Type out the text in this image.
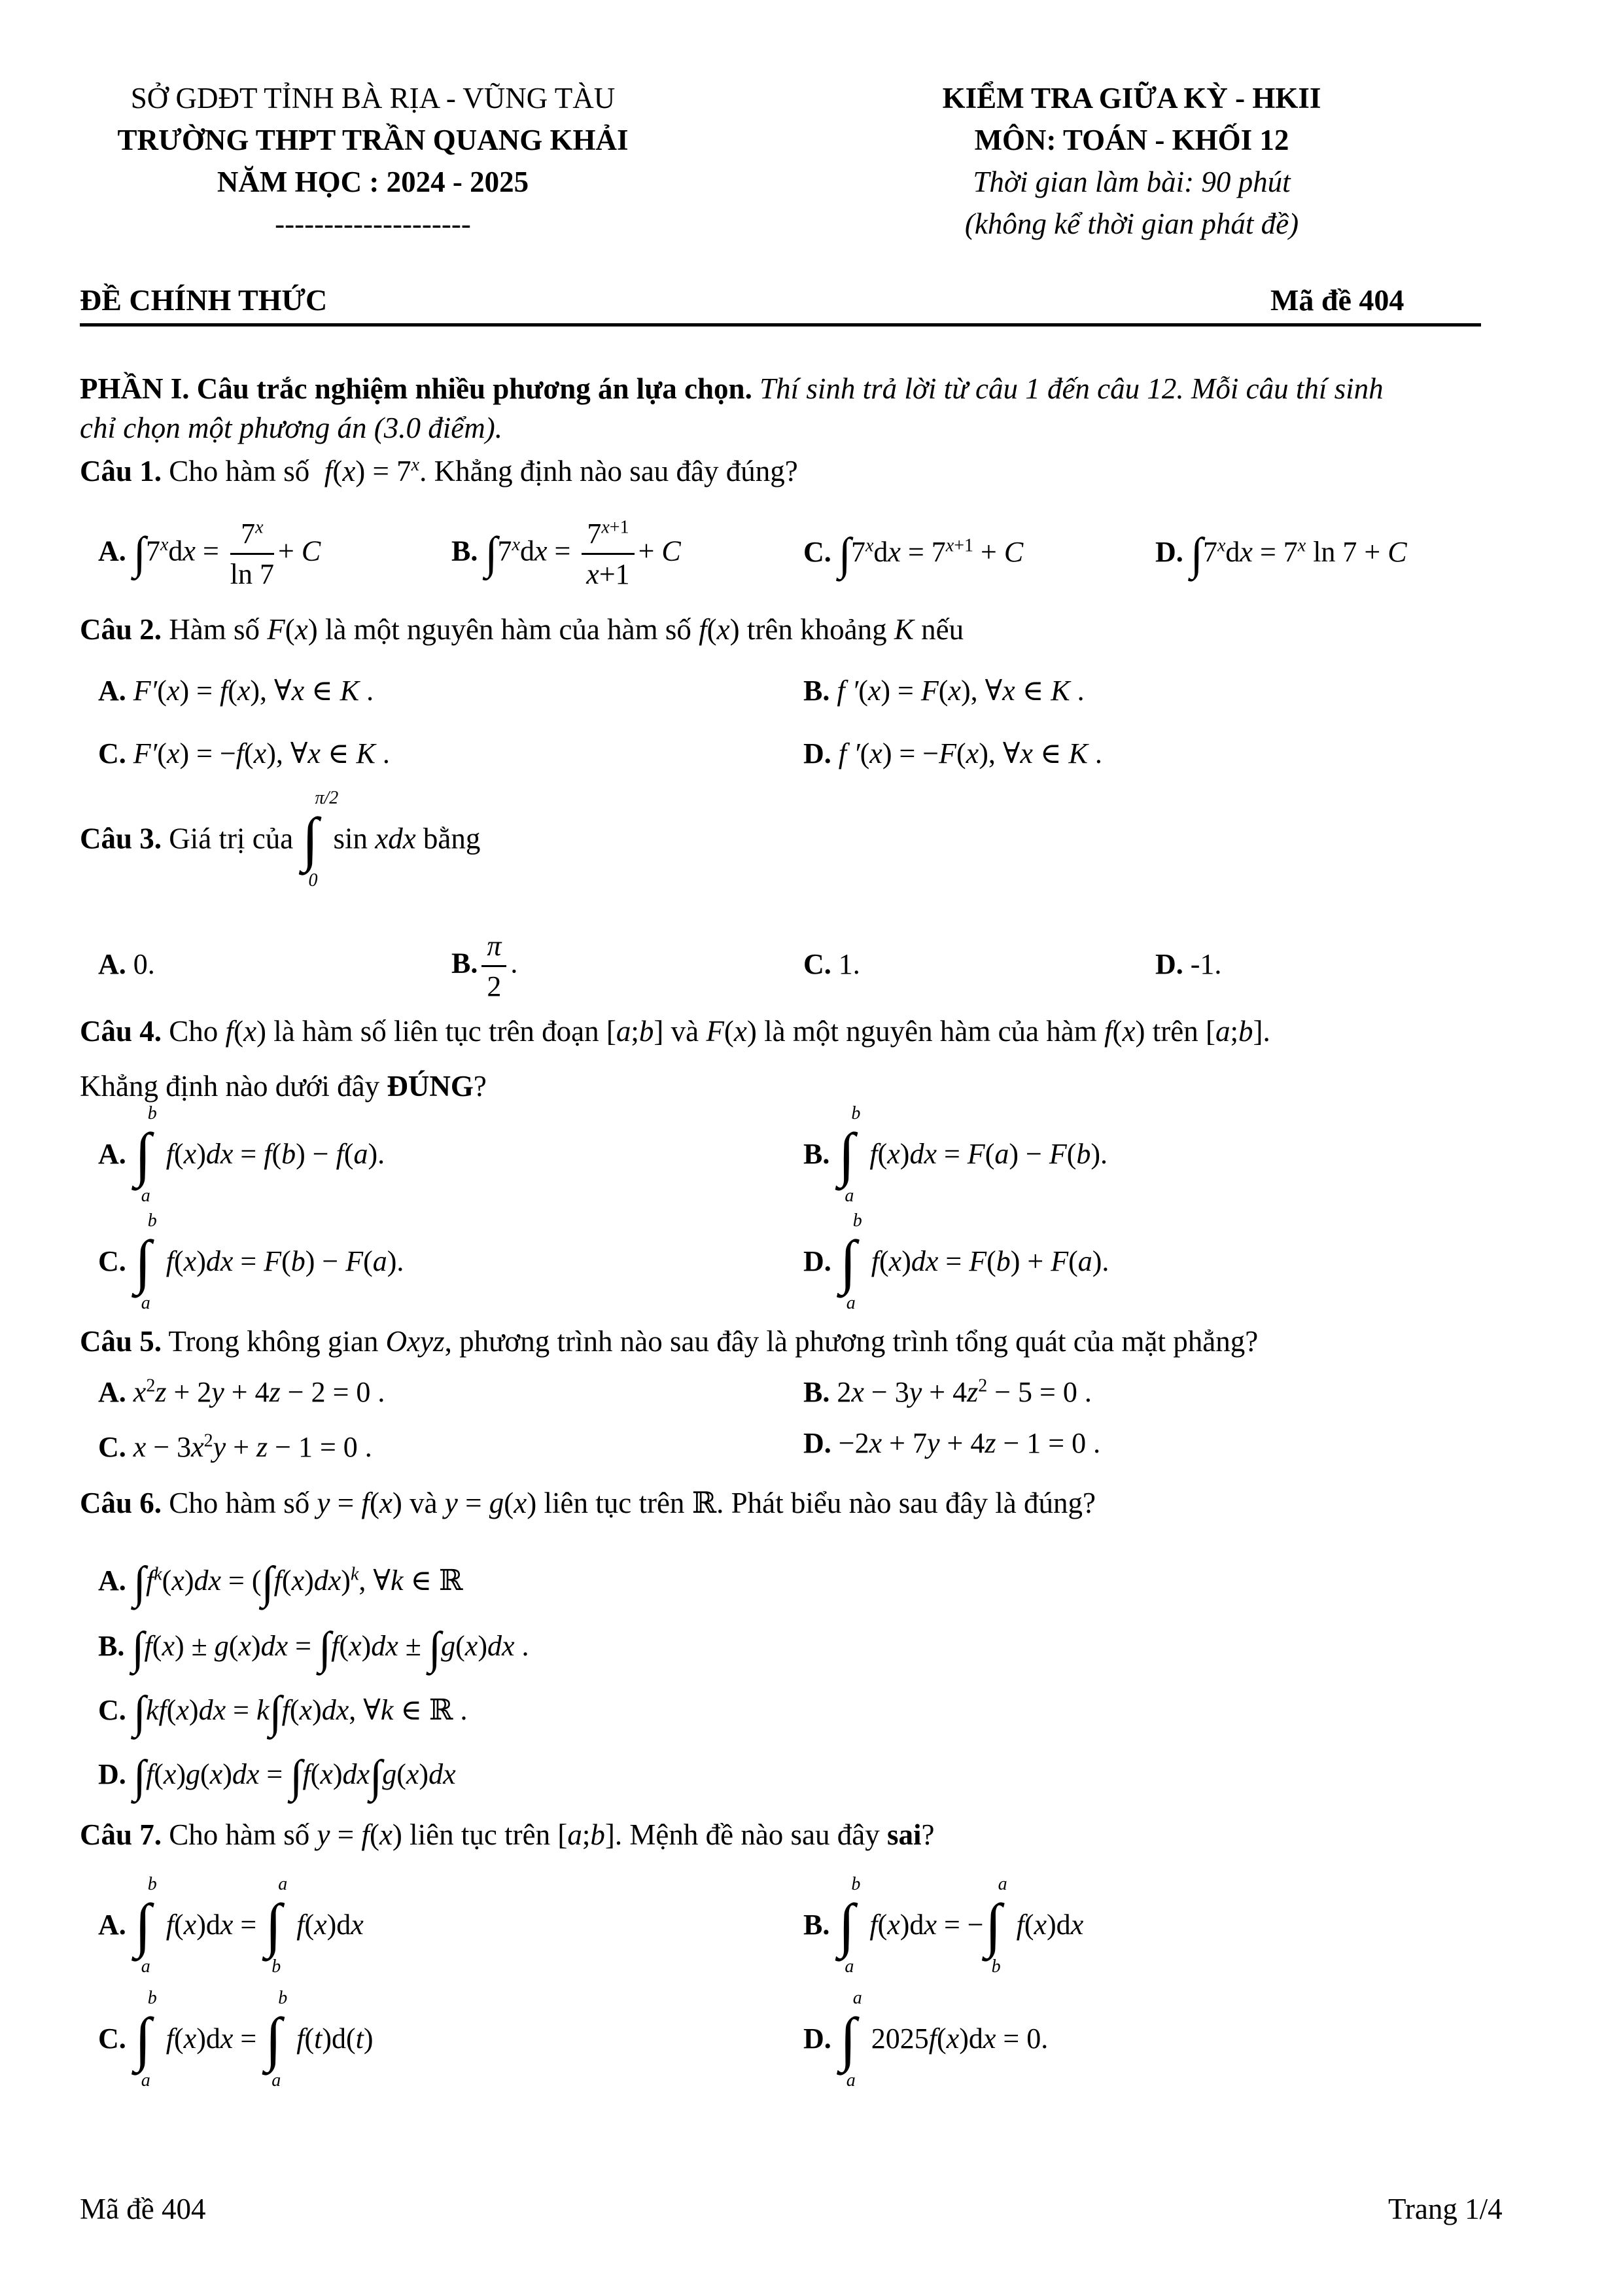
SỞ GDĐT TỈNH BÀ RỊA - VŨNG TÀU
TRƯỜNG THPT TRẦN QUANG KHẢI
NĂM HỌC : 2024 - 2025
--------------------
KIỂM TRA GIỮA KỲ - HKII
MÔN: TOÁN - KHỐI 12
Thời gian làm bài: 90 phút
(không kể thời gian phát đề)
ĐỀ CHÍNH THỨC	Mã đề 404
PHẦN I. Câu trắc nghiệm nhiều phương án lựa chọn. Thí sinh trả lời từ câu 1 đến câu 12. Mỗi câu thí sinh
chỉ chọn một phương án (3.0 điểm).
Câu 1. Cho hàm số  $f(x) = 7^x$. Khẳng định nào sau đây đúng?
A. $\int 7^xdx = \frac{7^x}{\ln 7} + C$	B. $\int 7^xdx = \frac{7^{x+1}}{x+1} + C$	C. $\int 7^xdx = 7^{x+1} + C$	D. $\int 7^xdx = 7^x$ ln 7 + C
Câu 2. Hàm số F(x) là một nguyên hàm của hàm số f(x) trên khoảng K nếu
A. F′(x) = f(x), ∀x ∈ K .	B. f ′(x) = F(x), ∀x ∈ K .
C. F′(x) = −f(x), ∀x ∈ K .	D. f ′(x) = −F(x), ∀x ∈ K .
Câu 3. Giá trị của
π/2
∫
0
sin xdx bằng
A. 0.	B. $\frac{\pi}{2}$ .	C. 1.	D. -1.
Câu 4. Cho f(x) là hàm số liên tục trên đoạn [a;b] và F(x) là một nguyên hàm của hàm f(x) trên [a;b].
Khẳng định nào dưới đây ĐÚNG?
A.
b
∫
a
f(x)dx = f(b) − f(a).	B.
b
∫
a
f(x)dx = F(a) − F(b).
C.
b
∫
a
f(x)dx = F(b) − F(a).	D.
b
∫
a
f(x)dx = F(b) + F(a).
Câu 5. Trong không gian Oxyz, phương trình nào sau đây là phương trình tổng quát của mặt phẳng?
A. $x^2z + 2y + 4z - 2 = 0$ .	B. $2x - 3y + 4z^2 - 5 = 0$ .
C. $x - 3x^2y + z - 1 = 0$ .	D. −2x + 7y + 4z − 1 = 0 .
Câu 6. Cho hàm số y = f(x) và y = g(x) liên tục trên ℝ. Phát biểu nào sau đây là đúng?
A. $\int f^k(x)dx = (\int f(x)dx)^k$, ∀k ∈ ℝ
B. ∫f(x) ± g(x)dx = ∫f(x)dx ± ∫g(x)dx .
C. ∫kf(x)dx = k∫f(x)dx, ∀k ∈ ℝ .
D. ∫f(x)g(x)dx = ∫f(x)dx∫g(x)dx
Câu 7. Cho hàm số y = f(x) liên tục trên [a;b]. Mệnh đề nào sau đây sai?
A.
b
∫
a
f(x)dx =
a
∫
b
f(x)dx	B.
b
∫
a
f(x)dx = −
a
∫
b
f(x)dx
C.
b
∫
a
f(x)dx =
b
∫
a
f(t)d(t)	D.
a
∫
a
2025f(x)dx = 0.
Mã đề 404	Trang 1/4
